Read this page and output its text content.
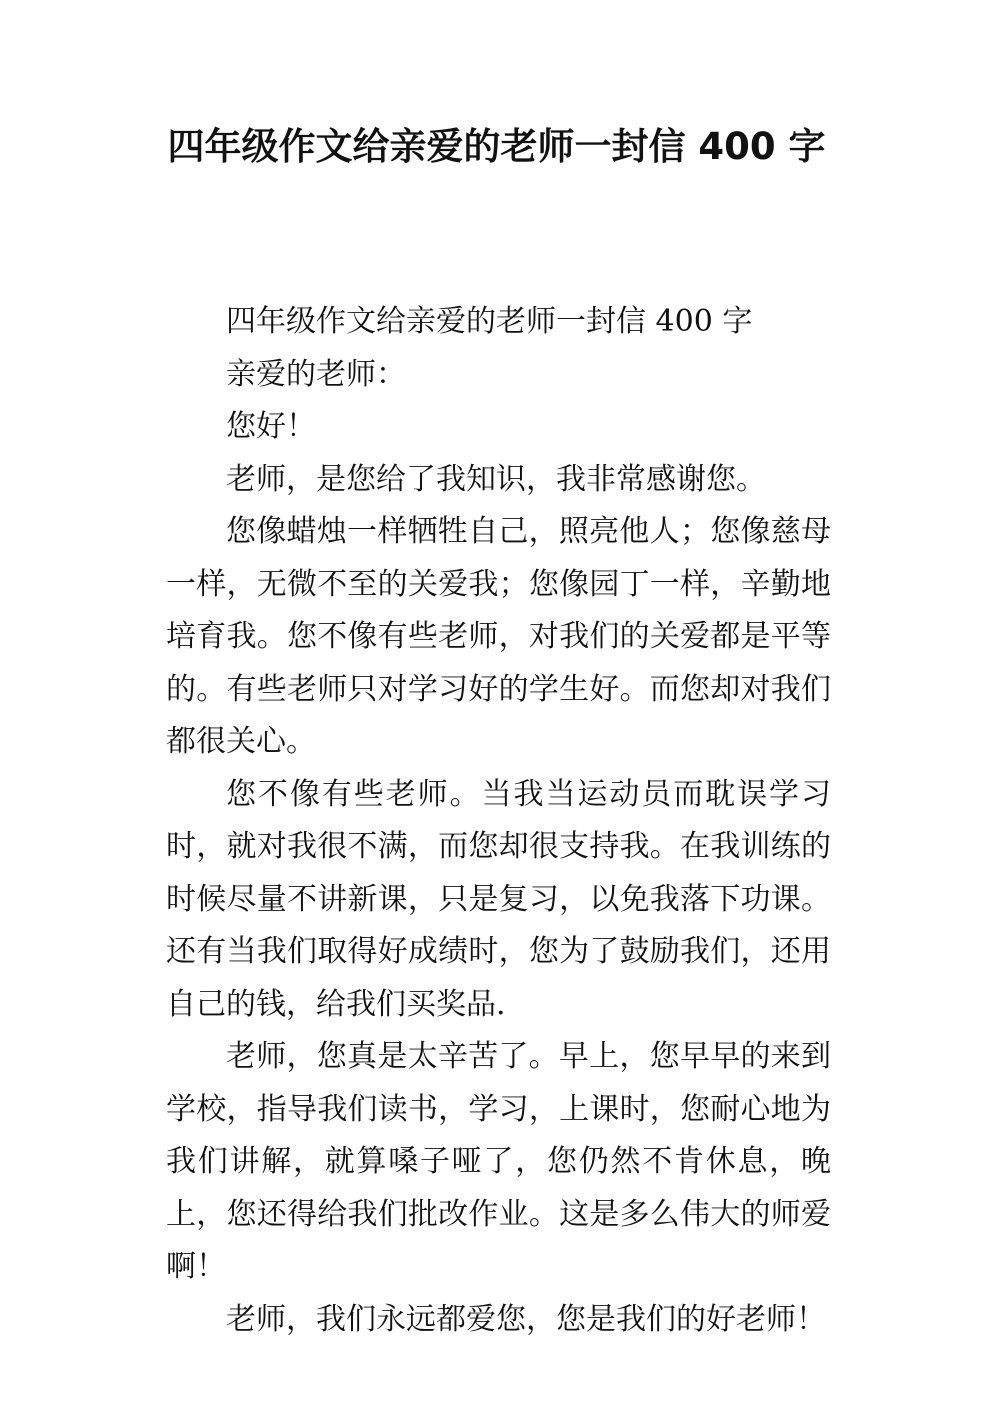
四年级作文给亲爱的老师一封信 400 字

四年级作文给亲爱的老师一封信 400 字

亲爱的老师：

您好！

老师，是您给了我知识，我非常感谢您。

您像蜡烛一样牺牲自己，照亮他人；您像慈母一样，无微不至的关爱我；您像园丁一样，辛勤地培育我。您不像有些老师，对我们的关爱都是平等的。有些老师只对学习好的学生好。而您却对我们都很关心。

您不像有些老师。当我当运动员而耽误学习时，就对我很不满，而您却很支持我。在我训练的时候尽量不讲新课，只是复习，以免我落下功课。还有当我们取得好成绩时，您为了鼓励我们，还用自己的钱，给我们买奖品.

老师，您真是太辛苦了。早上，您早早的来到学校，指导我们读书，学习，上课时，您耐心地为我们讲解，就算嗓子哑了，您仍然不肯休息，晚上，您还得给我们批改作业。这是多么伟大的师爱啊！

老师，我们永远都爱您，您是我们的好老师！
